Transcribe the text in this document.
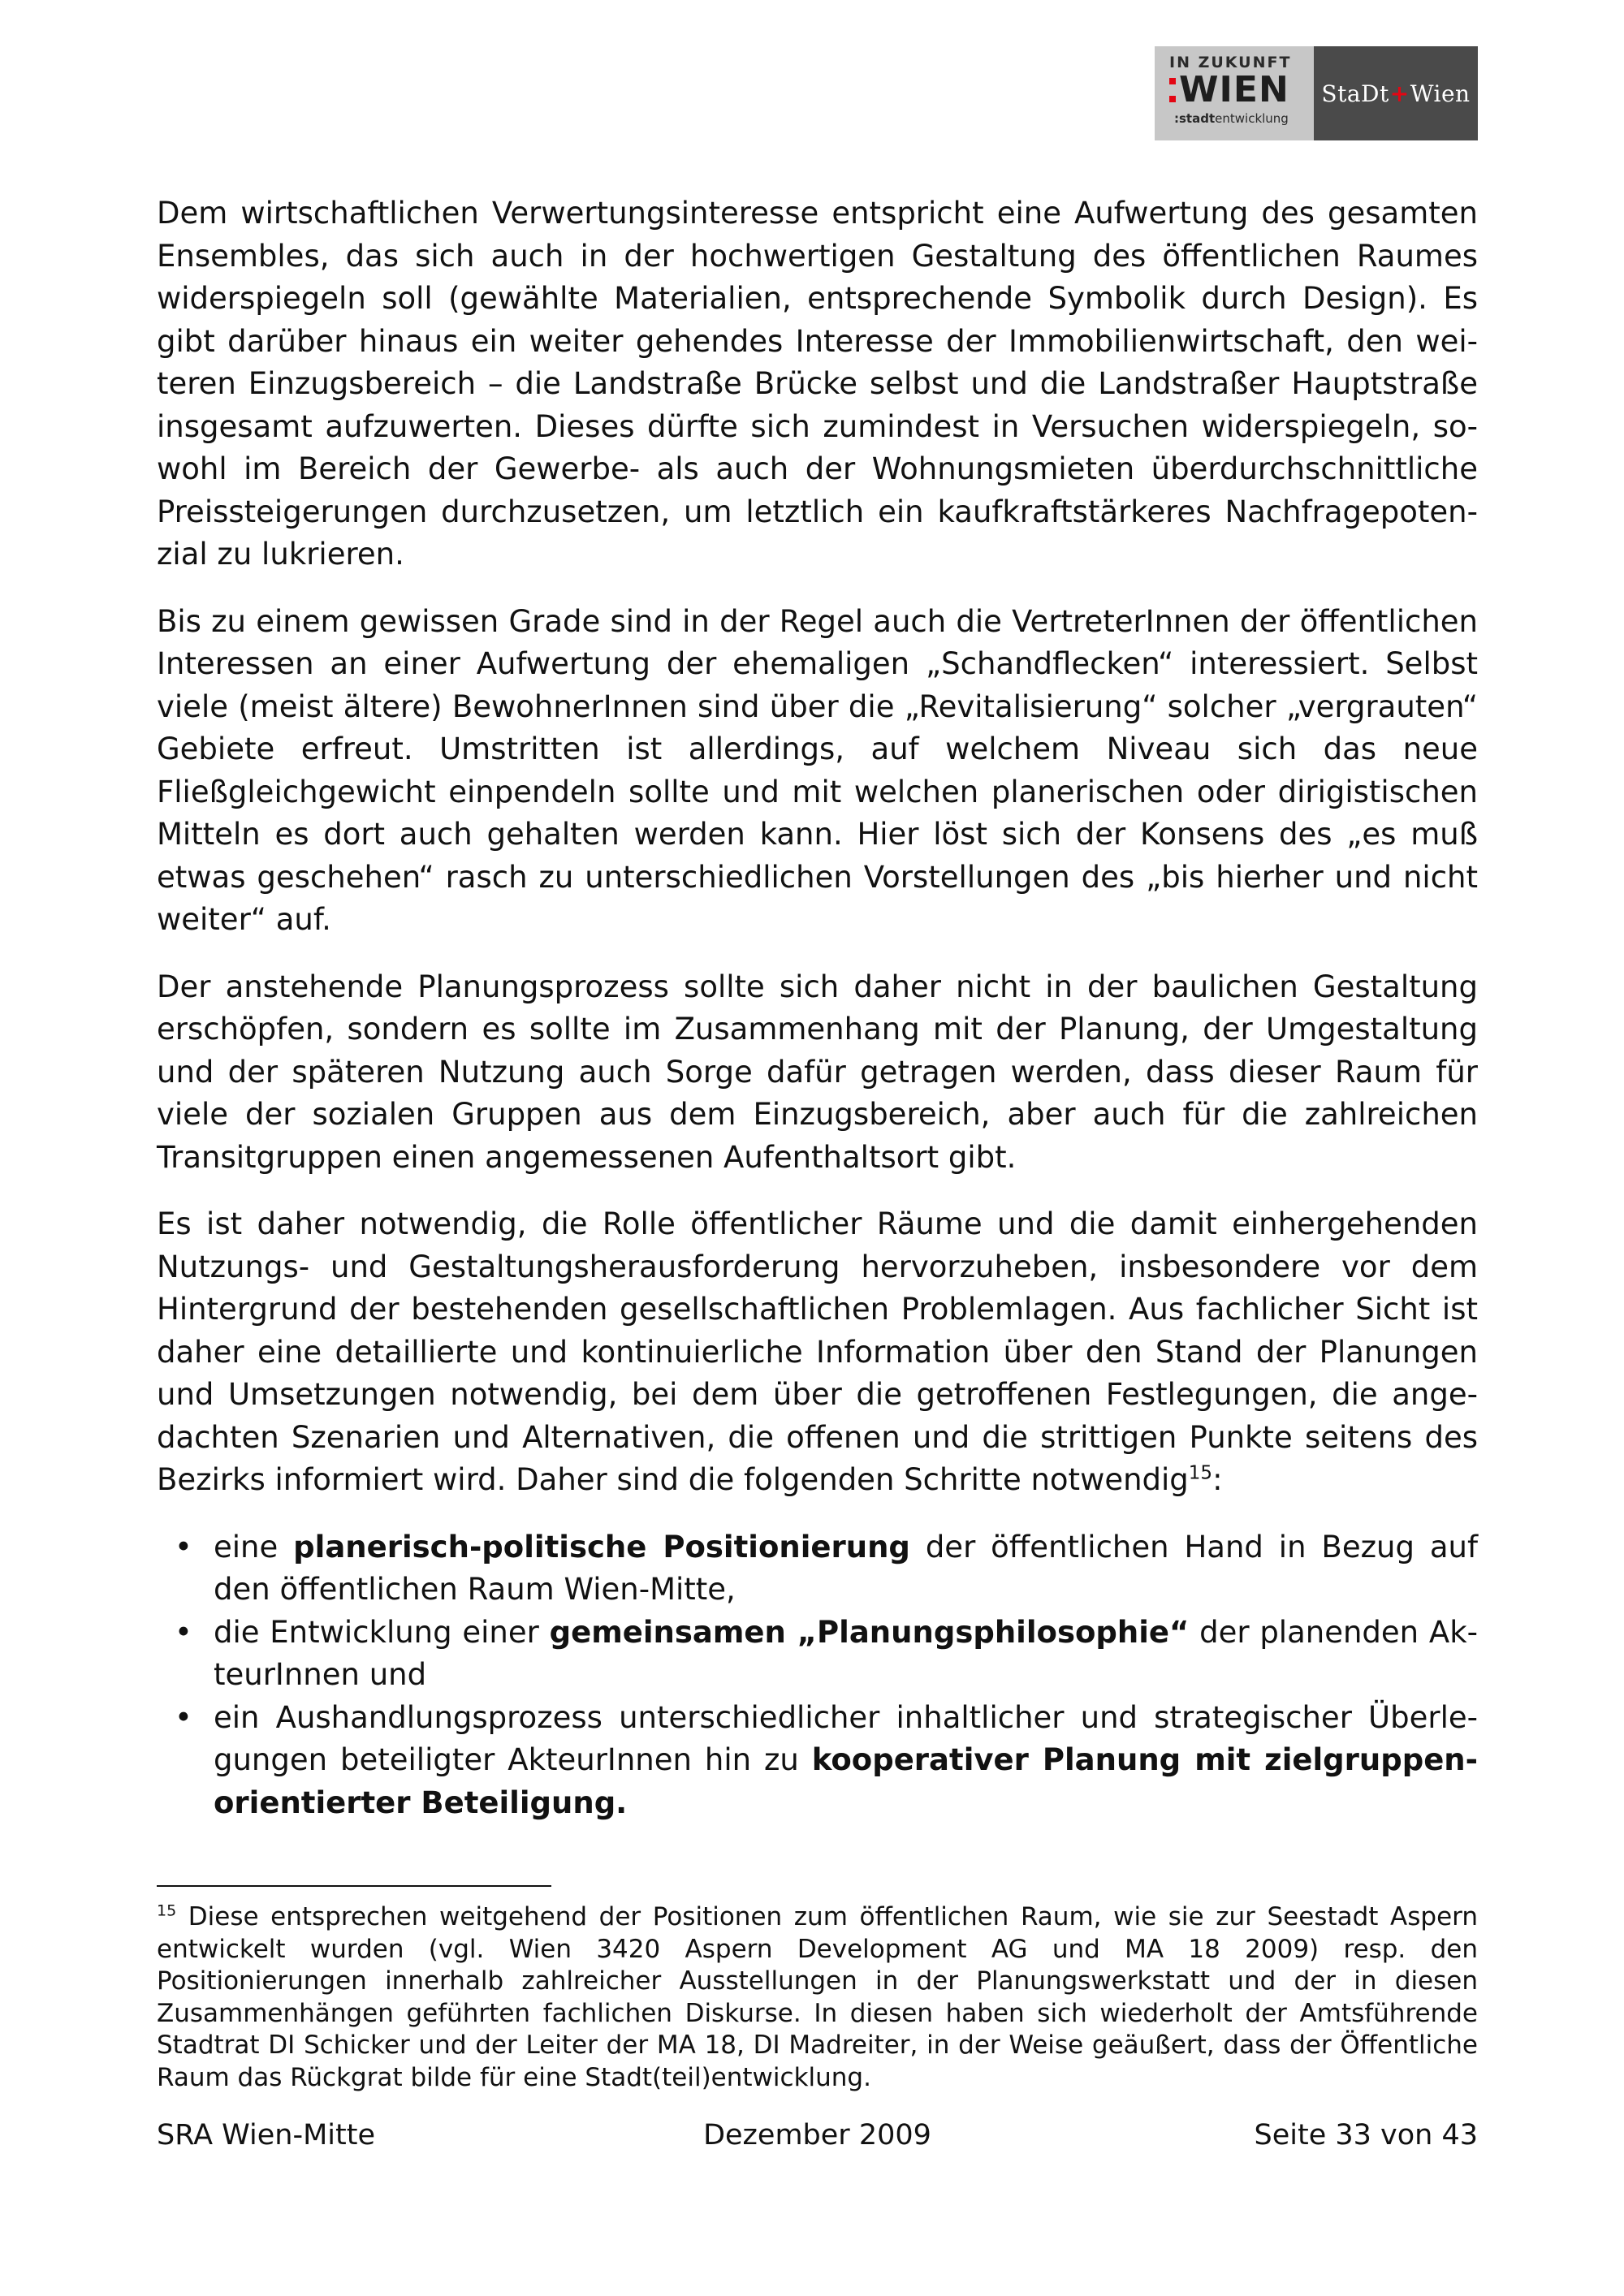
IN ZUKUNFT
WIEN
:stadtentwicklung
StaDt + Wien

Dem wirtschaftlichen Verwertungsinteresse entspricht eine Aufwertung des gesamten Ensembles, das sich auch in der hochwertigen Gestaltung des öffentlichen Raumes widerspiegeln soll (gewählte Materialien, entsprechende Symbolik durch Design). Es gibt darüber hinaus ein weiter gehendes Interesse der Immobilienwirtschaft, den weiteren Einzugsbereich – die Landstraße Brücke selbst und die Landstraßer Hauptstraße insgesamt aufzuwerten. Dieses dürfte sich zumindest in Versuchen widerspiegeln, sowohl im Bereich der Gewerbe- als auch der Wohnungsmieten überdurchschnittliche Preissteigerungen durchzusetzen, um letztlich ein kaufkraftstärkeres Nachfragepotenzial zu lukrieren.

Bis zu einem gewissen Grade sind in der Regel auch die VertreterInnen der öffentlichen Interessen an einer Aufwertung der ehemaligen „Schandflecken“ interessiert. Selbst viele (meist ältere) BewohnerInnen sind über die „Revitalisierung“ solcher „vergrauten“ Gebiete erfreut. Umstritten ist allerdings, auf welchem Niveau sich das neue Fließgleichgewicht einpendeln sollte und mit welchen planerischen oder dirigistischen Mitteln es dort auch gehalten werden kann. Hier löst sich der Konsens des „es muß etwas geschehen“ rasch zu unterschiedlichen Vorstellungen des „bis hierher und nicht weiter“ auf.

Der anstehende Planungsprozess sollte sich daher nicht in der baulichen Gestaltung erschöpfen, sondern es sollte im Zusammenhang mit der Planung, der Umgestaltung und der späteren Nutzung auch Sorge dafür getragen werden, dass dieser Raum für viele der sozialen Gruppen aus dem Einzugsbereich, aber auch für die zahlreichen Transitgruppen einen angemessenen Aufenthaltsort gibt.

Es ist daher notwendig, die Rolle öffentlicher Räume und die damit einhergehenden Nutzungs- und Gestaltungsherausforderung hervorzuheben, insbesondere vor dem Hintergrund der bestehenden gesellschaftlichen Problemlagen. Aus fachlicher Sicht ist daher eine detaillierte und kontinuierliche Information über den Stand der Planungen und Umsetzungen notwendig, bei dem über die getroffenen Festlegungen, die angedachten Szenarien und Alternativen, die offenen und die strittigen Punkte seitens des Bezirks informiert wird. Daher sind die folgenden Schritte notwendig$^{15}$:

• eine planerisch-politische Positionierung der öffentlichen Hand in Bezug auf den öffentlichen Raum Wien-Mitte,
• die Entwicklung einer gemeinsamen „Planungsphilosophie“ der planenden AkteurInnen und
• ein Aushandlungsprozess unterschiedlicher inhaltlicher und strategischer Überlegungen beteiligter AkteurInnen hin zu kooperativer Planung mit zielgruppenorientierter Beteiligung.
$^{15}$ Diese entsprechen weitgehend der Positionen zum öffentlichen Raum, wie sie zur Seestadt Aspern entwickelt wurden (vgl. Wien 3420 Aspern Development AG und MA 18 2009) resp. den Positionierungen innerhalb zahlreicher Ausstellungen in der Planungswerkstatt und der in diesen Zusammenhängen geführten fachlichen Diskurse. In diesen haben sich wiederholt der Amtsführende Stadtrat DI Schicker und der Leiter der MA 18, DI Madreiter, in der Weise geäußert, dass der Öffentliche Raum das Rückgrat bilde für eine Stadt(teil)entwicklung.
SRA Wien-Mitte	Dezember 2009	Seite 33 von 43
